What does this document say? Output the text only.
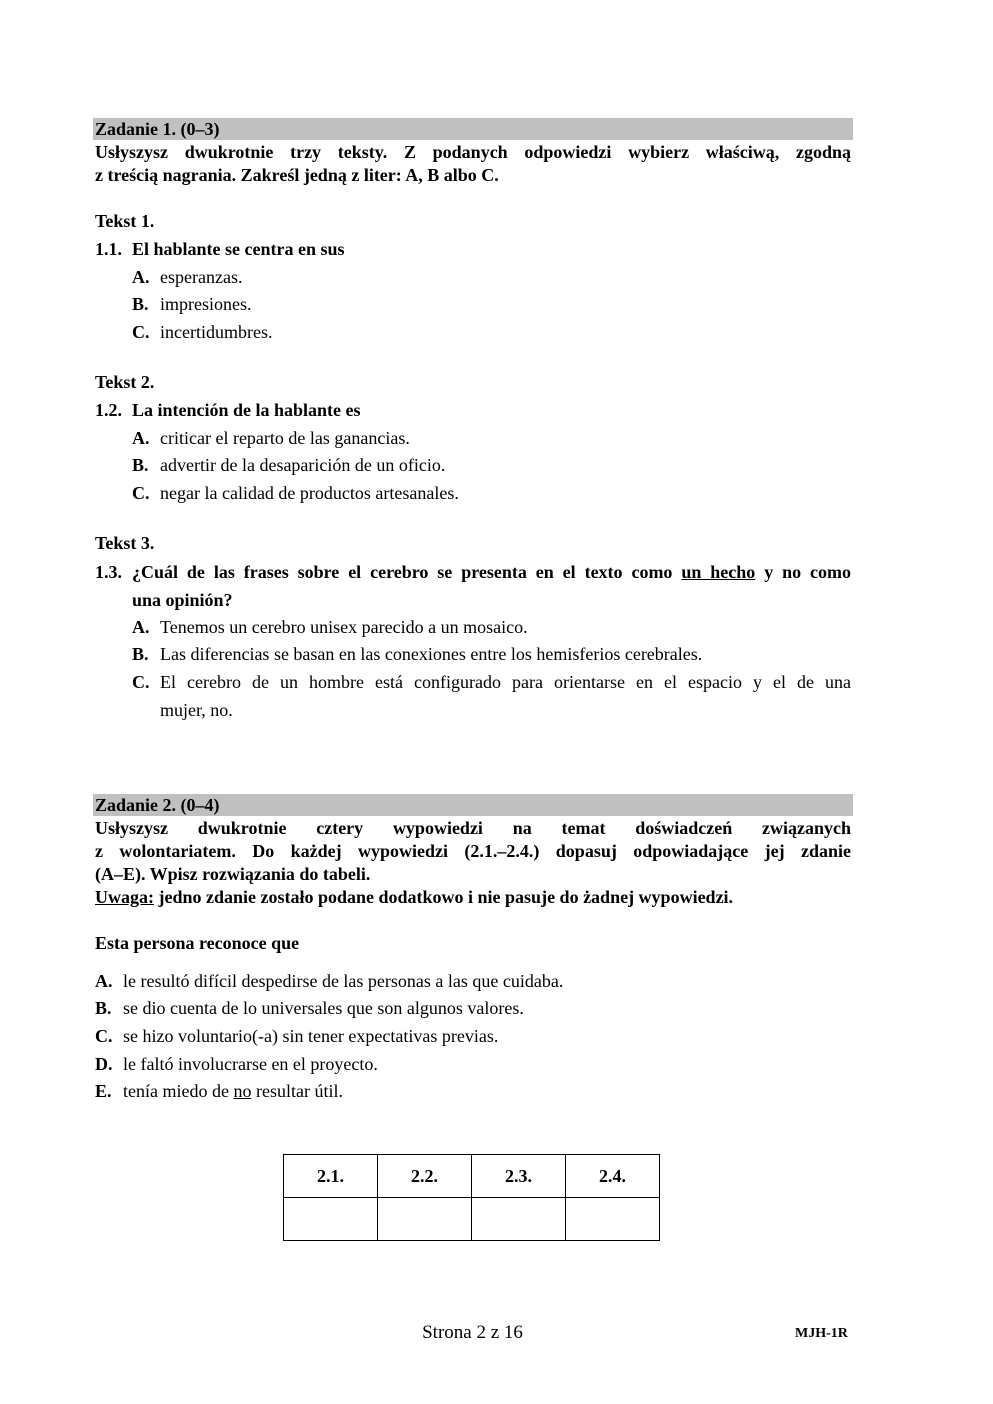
Zadanie 1. (0–3)
Usłyszysz dwukrotnie trzy teksty. Z podanych odpowiedzi wybierz właściwą, zgodną
z treścią nagrania. Zakreśl jedną z liter: A, B albo C.
Tekst 1.
1.1. El hablante se centra en sus
A. esperanzas.
B. impresiones.
C. incertidumbres.
Tekst 2.
1.2. La intención de la hablante es
A. criticar el reparto de las ganancias.
B. advertir de la desaparición de un oficio.
C. negar la calidad de productos artesanales.
Tekst 3.
1.3. ¿Cuál de las frases sobre el cerebro se presenta en el texto como un hecho y no como
una opinión?
A. Tenemos un cerebro unisex parecido a un mosaico.
B. Las diferencias se basan en las conexiones entre los hemisferios cerebrales.
C. El cerebro de un hombre está configurado para orientarse en el espacio y el de una
mujer, no.
Zadanie 2. (0–4)
Usłyszysz dwukrotnie cztery wypowiedzi na temat doświadczeń związanych
z wolontariatem. Do każdej wypowiedzi (2.1.–2.4.) dopasuj odpowiadające jej zdanie
(A–E). Wpisz rozwiązania do tabeli.
Uwaga: jedno zdanie zostało podane dodatkowo i nie pasuje do żadnej wypowiedzi.
Esta persona reconoce que
A. le resultó difícil despedirse de las personas a las que cuidaba.
B. se dio cuenta de lo universales que son algunos valores.
C. se hizo voluntario(-a) sin tener expectativas previas.
D. le faltó involucrarse en el proyecto.
E. tenía miedo de no resultar útil.
2.1.	2.2.	2.3.	2.4.

Strona 2 z 16	MJH-1R
